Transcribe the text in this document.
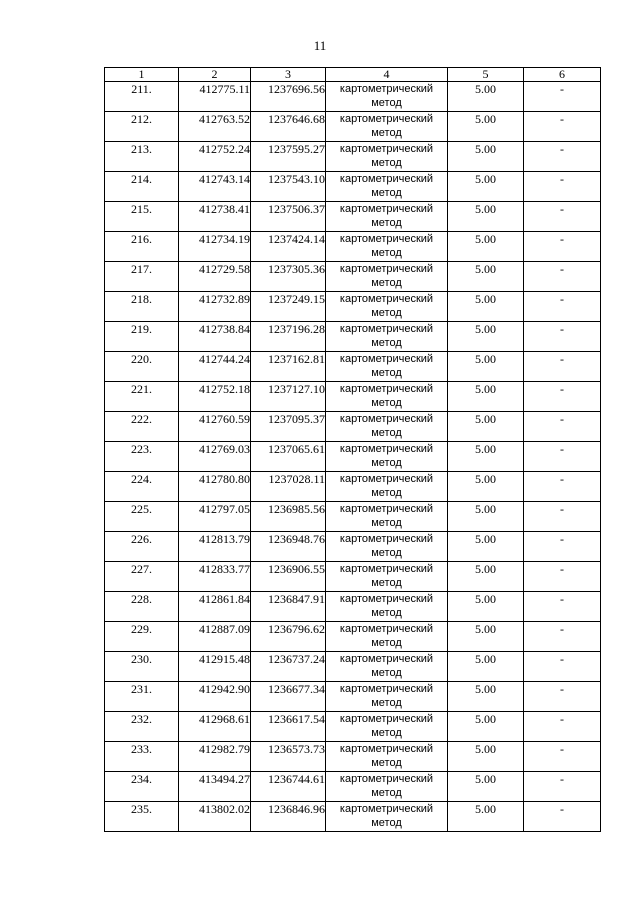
11
1	2	3	4	5	6
211.	412775.11	1237696.56	картометрический метод	5.00	-
212.	412763.52	1237646.68	картометрический метод	5.00	-
213.	412752.24	1237595.27	картометрический метод	5.00	-
214.	412743.14	1237543.10	картометрический метод	5.00	-
215.	412738.41	1237506.37	картометрический метод	5.00	-
216.	412734.19	1237424.14	картометрический метод	5.00	-
217.	412729.58	1237305.36	картометрический метод	5.00	-
218.	412732.89	1237249.15	картометрический метод	5.00	-
219.	412738.84	1237196.28	картометрический метод	5.00	-
220.	412744.24	1237162.81	картометрический метод	5.00	-
221.	412752.18	1237127.10	картометрический метод	5.00	-
222.	412760.59	1237095.37	картометрический метод	5.00	-
223.	412769.03	1237065.61	картометрический метод	5.00	-
224.	412780.80	1237028.11	картометрический метод	5.00	-
225.	412797.05	1236985.56	картометрический метод	5.00	-
226.	412813.79	1236948.76	картометрический метод	5.00	-
227.	412833.77	1236906.55	картометрический метод	5.00	-
228.	412861.84	1236847.91	картометрический метод	5.00	-
229.	412887.09	1236796.62	картометрический метод	5.00	-
230.	412915.48	1236737.24	картометрический метод	5.00	-
231.	412942.90	1236677.34	картометрический метод	5.00	-
232.	412968.61	1236617.54	картометрический метод	5.00	-
233.	412982.79	1236573.73	картометрический метод	5.00	-
234.	413494.27	1236744.61	картометрический метод	5.00	-
235.	413802.02	1236846.96	картометрический метод	5.00	-
